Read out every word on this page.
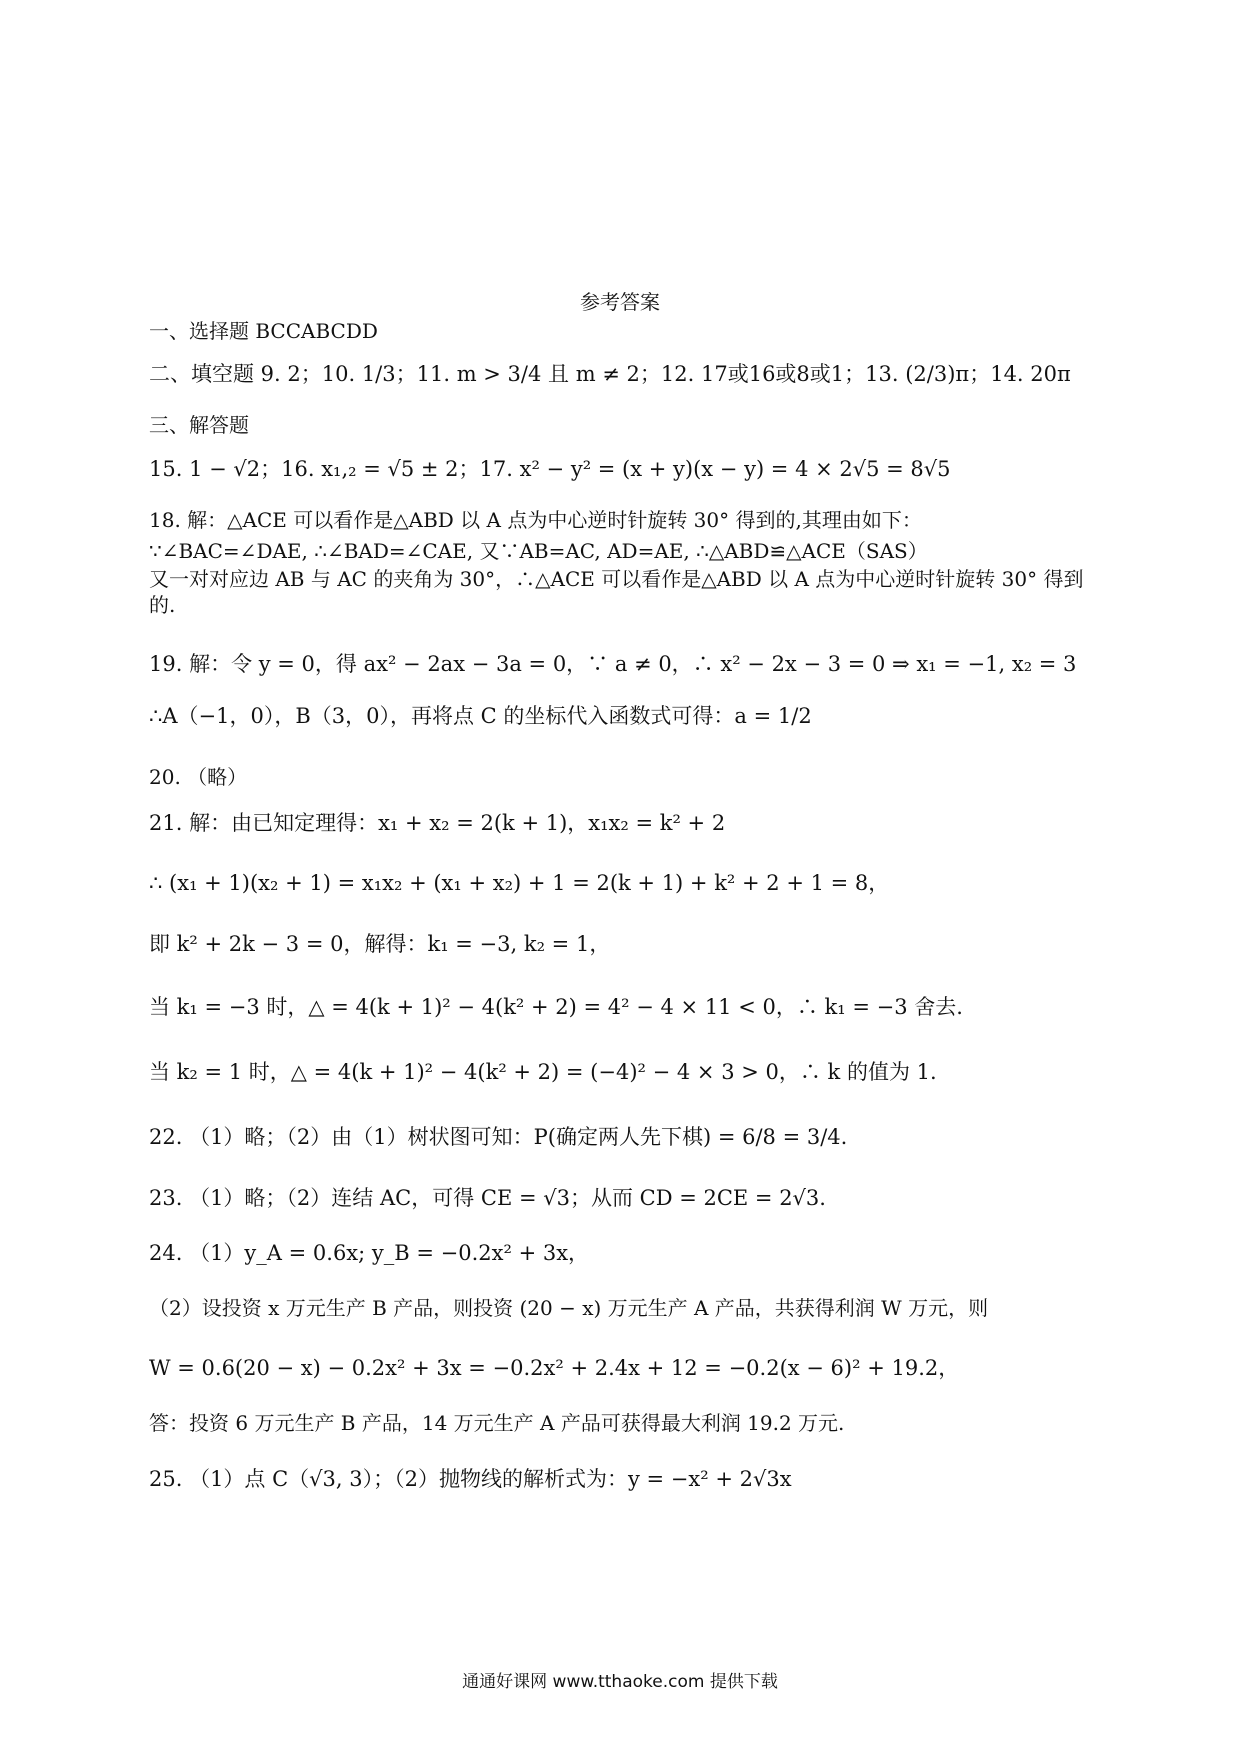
参考答案
一、选择题 BCCABCDD
二、填空题 9. 2；10. 1/3；11. m > 3/4 且 m ≠ 2；12. 17或16或8或1；13. (2/3)π；14. 20π
三、解答题
15. 1 − √2；16. x₁,₂ = √5 ± 2；17. x² − y² = (x + y)(x − y) = 4 × 2√5 = 8√5
18. 解：△ACE 可以看作是△ABD 以 A 点为中心逆时针旋转 30° 得到的,其理由如下：
∵∠BAC=∠DAE, ∴∠BAD=∠CAE, 又∵AB=AC, AD=AE, ∴△ABD≌△ACE（SAS）
又一对对应边 AB 与 AC 的夹角为 30°，∴△ACE 可以看作是△ABD 以 A 点为中心逆时针旋转 30° 得到的.
19. 解：令 y = 0，得 ax² − 2ax − 3a = 0，∵ a ≠ 0，∴ x² − 2x − 3 = 0 ⇒ x₁ = −1, x₂ = 3
∴A（−1，0），B（3，0），再将点 C 的坐标代入函数式可得：a = 1/2
20. （略）
21. 解：由已知定理得：x₁ + x₂ = 2(k + 1)，x₁x₂ = k² + 2
∴ (x₁ + 1)(x₂ + 1) = x₁x₂ + (x₁ + x₂) + 1 = 2(k + 1) + k² + 2 + 1 = 8，
即 k² + 2k − 3 = 0，解得：k₁ = −3, k₂ = 1，
当 k₁ = −3 时，△ = 4(k + 1)² − 4(k² + 2) = 4² − 4 × 11 < 0，∴ k₁ = −3 舍去.
当 k₂ = 1 时，△ = 4(k + 1)² − 4(k² + 2) = (−4)² − 4 × 3 > 0，∴ k 的值为 1.
22. （1）略；（2）由（1）树状图可知：P(确定两人先下棋) = 6/8 = 3/4.
23. （1）略；（2）连结 AC，可得 CE = √3；从而 CD = 2CE = 2√3.
24. （1）y_A = 0.6x; y_B = −0.2x² + 3x，
（2）设投资 x 万元生产 B 产品，则投资 (20 − x) 万元生产 A 产品，共获得利润 W 万元，则
W = 0.6(20 − x) − 0.2x² + 3x = −0.2x² + 2.4x + 12 = −0.2(x − 6)² + 19.2，
答：投资 6 万元生产 B 产品，14 万元生产 A 产品可获得最大利润 19.2 万元.
25. （1）点 C（√3, 3）；（2）抛物线的解析式为：y = −x² + 2√3x
通通好课网 www.tthaoke.com 提供下载
